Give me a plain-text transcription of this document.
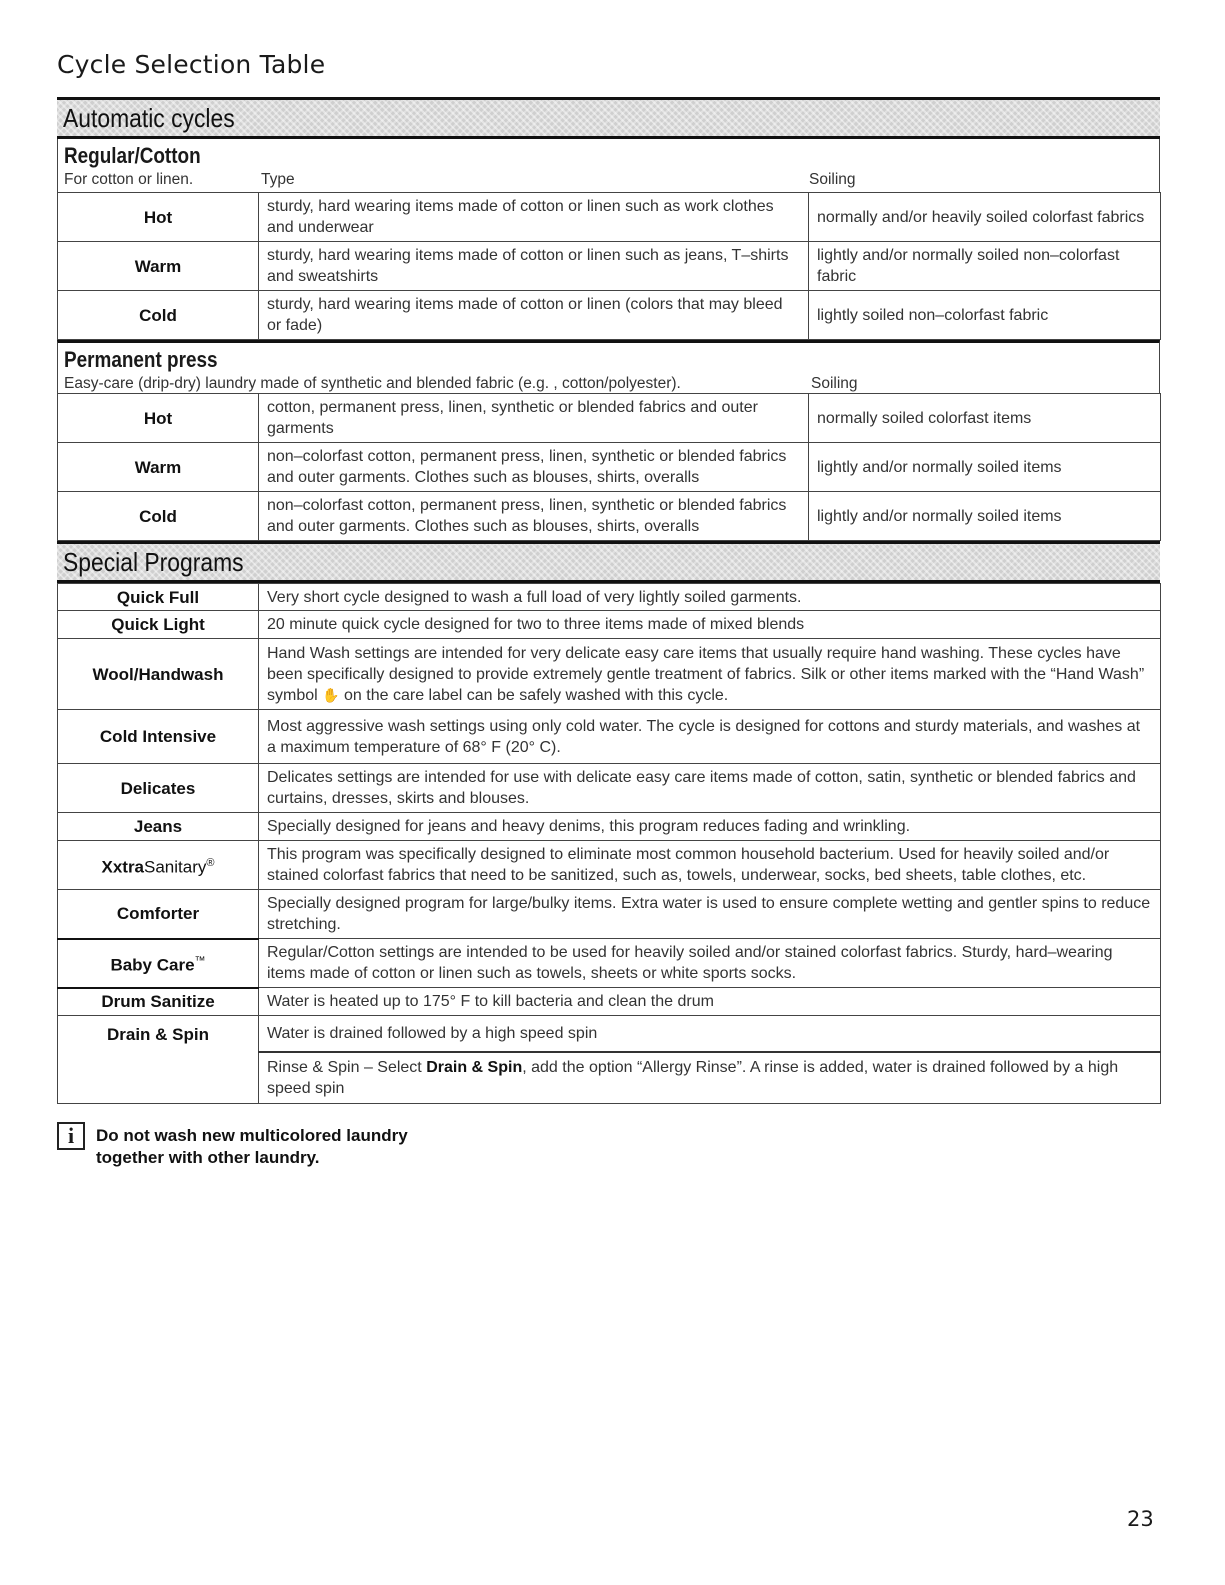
Cycle Selection Table
Automatic cycles
Regular/Cotton
For cotton or linen.	Type	Soiling
Hot	sturdy, hard wearing items made of cotton or linen such as work clothes and underwear	normally and/or heavily soiled colorfast fabrics
Warm	sturdy, hard wearing items made of cotton or linen such as jeans, T–shirts and sweatshirts	lightly and/or normally soiled non–colorfast fabric
Cold	sturdy, hard wearing items made of cotton or linen (colors that may bleed or fade)	lightly soiled non–colorfast fabric
Permanent press
Easy-care (drip-dry) laundry made of synthetic and blended fabric (e.g. , cotton/polyester).	Soiling
Hot	cotton, permanent press, linen, synthetic or blended fabrics and outer garments	normally soiled colorfast items
Warm	non–colorfast cotton, permanent press, linen, synthetic or blended fabrics and outer garments. Clothes such as blouses, shirts, overalls	lightly and/or normally soiled items
Cold	non–colorfast cotton, permanent press, linen, synthetic or blended fabrics and outer garments. Clothes such as blouses, shirts, overalls	lightly and/or normally soiled items
Special Programs
Quick Full	Very short cycle designed to wash a full load of very lightly soiled garments.
Quick Light	20 minute quick cycle designed for two to three items made of mixed blends
Wool/Handwash	Hand Wash settings are intended for very delicate easy care items that usually require hand washing. These cycles have been specifically designed to provide extremely gentle treatment of fabrics. Silk or other items marked with the “Hand Wash” symbol ✋ on the care label can be safely washed with this cycle.
Cold Intensive	Most aggressive wash settings using only cold water. The cycle is designed for cottons and sturdy materials, and washes at a maximum temperature of 68° F (20° C).
Delicates	Delicates settings are intended for use with delicate easy care items made of cotton, satin, synthetic or blended fabrics and curtains, dresses, skirts and blouses.
Jeans	Specially designed for jeans and heavy denims, this program reduces fading and wrinkling.
XxtraSanitary®	This program was specifically designed to eliminate most common household bacterium. Used for heavily soiled and/or stained colorfast fabrics that need to be sanitized, such as, towels, underwear, socks, bed sheets, table clothes, etc.
Comforter	Specially designed program for large/bulky items. Extra water is used to ensure complete wetting and gentler spins to reduce stretching.
Baby Care™	Regular/Cotton settings are intended to be used for heavily soiled and/or stained colorfast fabrics. Sturdy, hard–wearing items made of cotton or linen such as towels, sheets or white sports socks.
Drum Sanitize	Water is heated up to 175° F to kill bacteria and clean the drum
Drain & Spin	Water is drained followed by a high speed spin
	Rinse & Spin – Select Drain & Spin, add the option “Allergy Rinse”. A rinse is added, water is drained followed by a high speed spin
i	Do not wash new multicolored laundry
together with other laundry.
23
